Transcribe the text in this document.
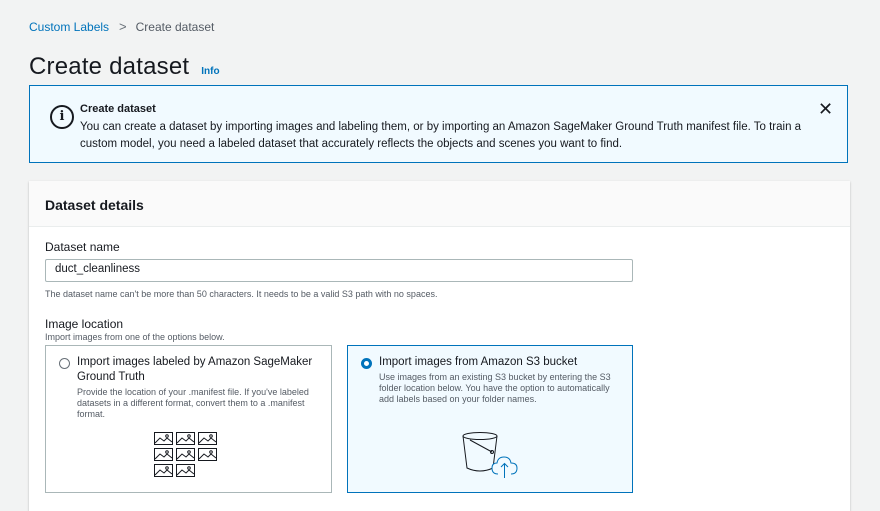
Custom Labels > Create dataset
Create dataset Info
i	Create dataset
You can create a dataset by importing images and labeling them, or by importing an Amazon SageMaker Ground Truth manifest file. To train a custom model, you need a labeled dataset that accurately reflects the objects and scenes you want to find.
✕
Dataset details
Dataset name
duct_cleanliness
The dataset name can't be more than 50 characters. It needs to be a valid S3 path with no spaces.
Image location
Import images from one of the options below.
Import images labeled by Amazon SageMaker Ground Truth
Provide the location of your .manifest file. If you've labeled datasets in a different format, convert them to a .manifest format.
Import images from Amazon S3 bucket
Use images from an existing S3 bucket by entering the S3 folder location below. You have the option to automatically add labels based on your folder names.
